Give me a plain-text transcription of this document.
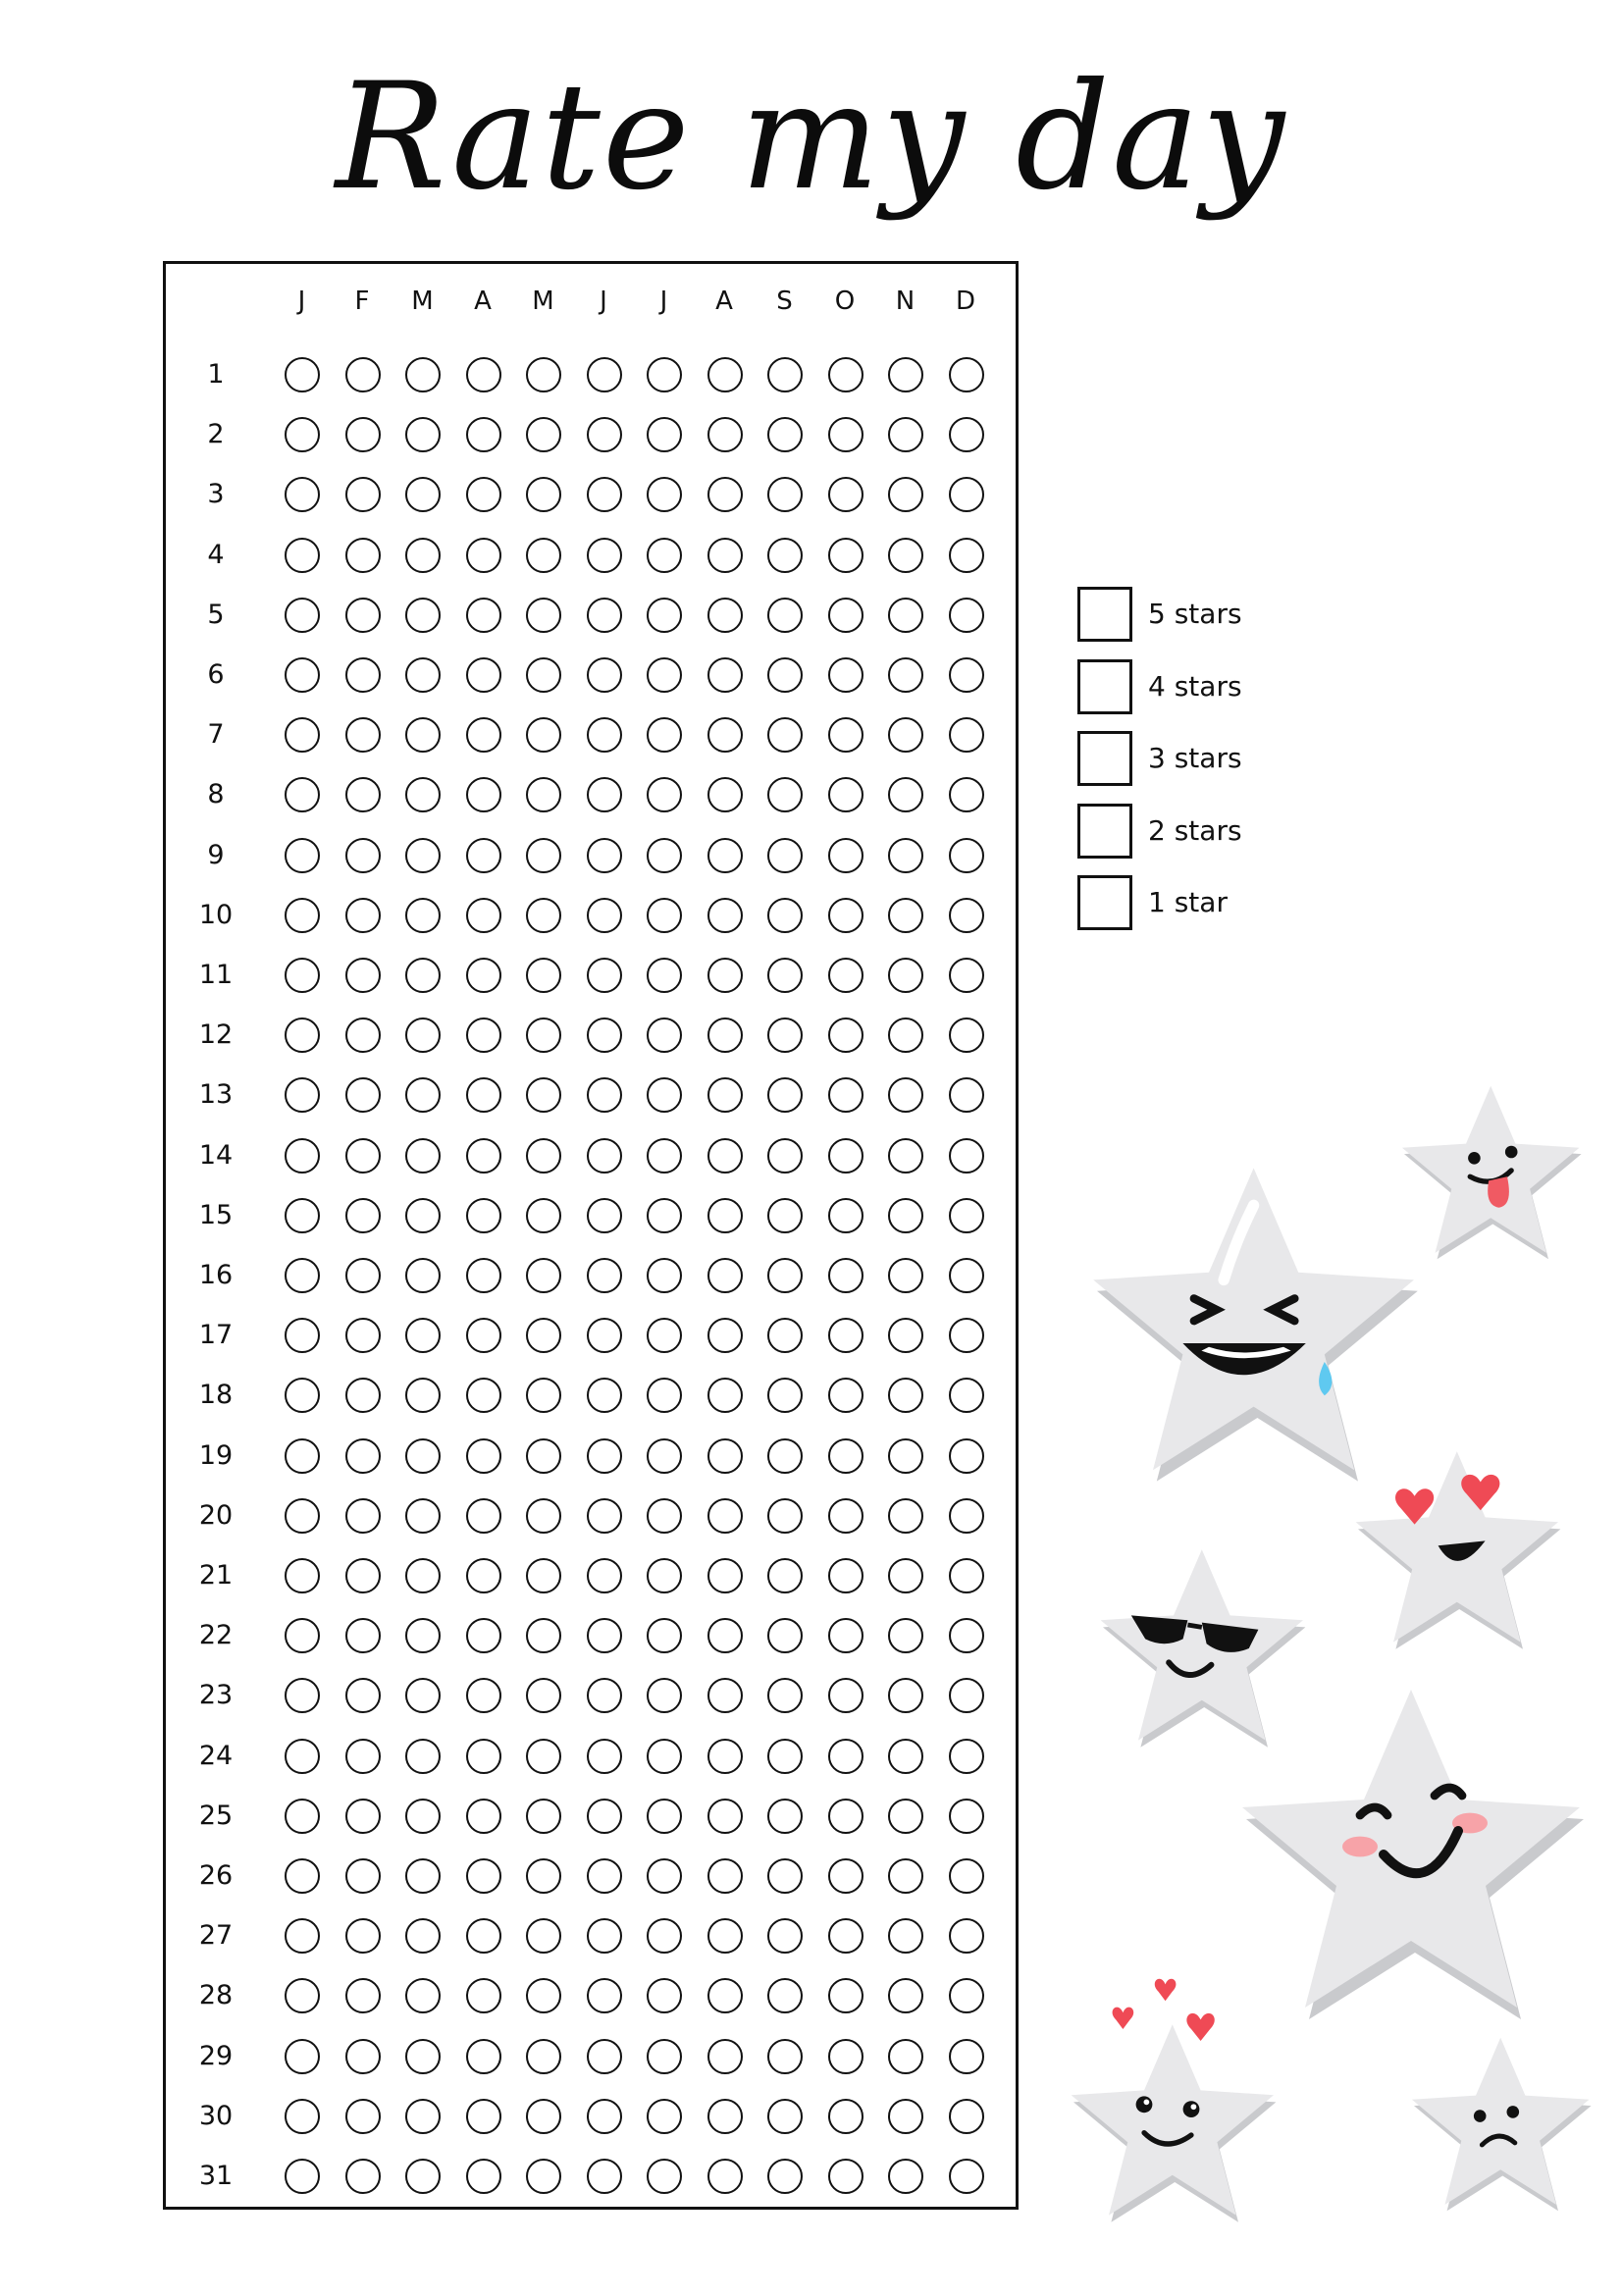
Rate my day
J	F	M	A	M	J	J	A	S	O	N	D
1
2
3
4
5
6
7
8
9
10
11
12
13
14
15
16
17
18
19
20
21
22
23
24
25
26
27
28
29
30
31
5 stars
4 stars
3 stars
2 stars
1 star
